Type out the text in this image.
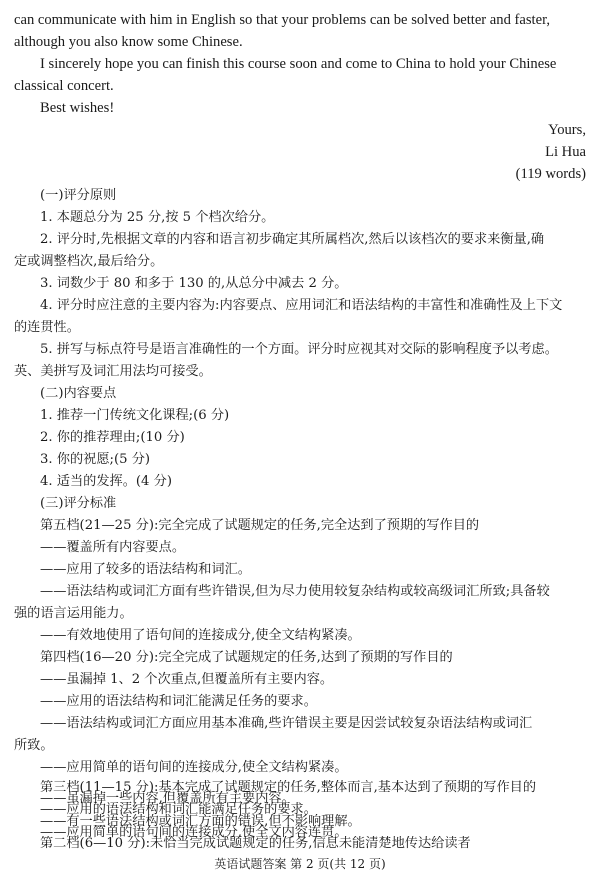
can communicate with him in English so that your problems can be solved better and faster,
although you also know some Chinese.
I sincerely hope you can finish this course soon and come to China to hold your Chinese
classical concert.
Best wishes!
Yours,
Li Hua
(119 words)
(一)评分原则
1. 本题总分为 25 分,按 5 个档次给分。
2. 评分时,先根据文章的内容和语言初步确定其所属档次,然后以该档次的要求来衡量,确
定或调整档次,最后给分。
3. 词数少于 80 和多于 130 的,从总分中减去 2 分。
4. 评分时应注意的主要内容为:内容要点、应用词汇和语法结构的丰富性和准确性及上下文
的连贯性。
5. 拼写与标点符号是语言准确性的一个方面。评分时应视其对交际的影响程度予以考虑。
英、美拼写及词汇用法均可接受。
(二)内容要点
1. 推荐一门传统文化课程;(6 分)
2. 你的推荐理由;(10 分)
3. 你的祝愿;(5 分)
4. 适当的发挥。(4 分)
(三)评分标准
第五档(21—25 分):完全完成了试题规定的任务,完全达到了预期的写作目的
——覆盖所有内容要点。
——应用了较多的语法结构和词汇。
——语法结构或词汇方面有些许错误,但为尽力使用较复杂结构或较高级词汇所致;具备较
强的语言运用能力。
——有效地使用了语句间的连接成分,使全文结构紧凑。
第四档(16—20 分):完全完成了试题规定的任务,达到了预期的写作目的
——虽漏掉 1、2 个次重点,但覆盖所有主要内容。
——应用的语法结构和词汇能满足任务的要求。
——语法结构或词汇方面应用基本准确,些许错误主要是因尝试较复杂语法结构或词汇
所致。
——应用简单的语句间的连接成分,使全文结构紧凑。
英语试题答案 第 2 页(共 12 页)
第三档(11—15 分):基本完成了试题规定的任务,整体而言,基本达到了预期的写作目的
——虽漏掉一些内容,但覆盖所有主要内容。
——应用的语法结构和词汇能满足任务的要求。
——有一些语法结构或词汇方面的错误,但不影响理解。
——应用简单的语句间的连接成分,使全文内容连贯。
第二档(6—10 分):未恰当完成试题规定的任务,信息未能清楚地传达给读者
